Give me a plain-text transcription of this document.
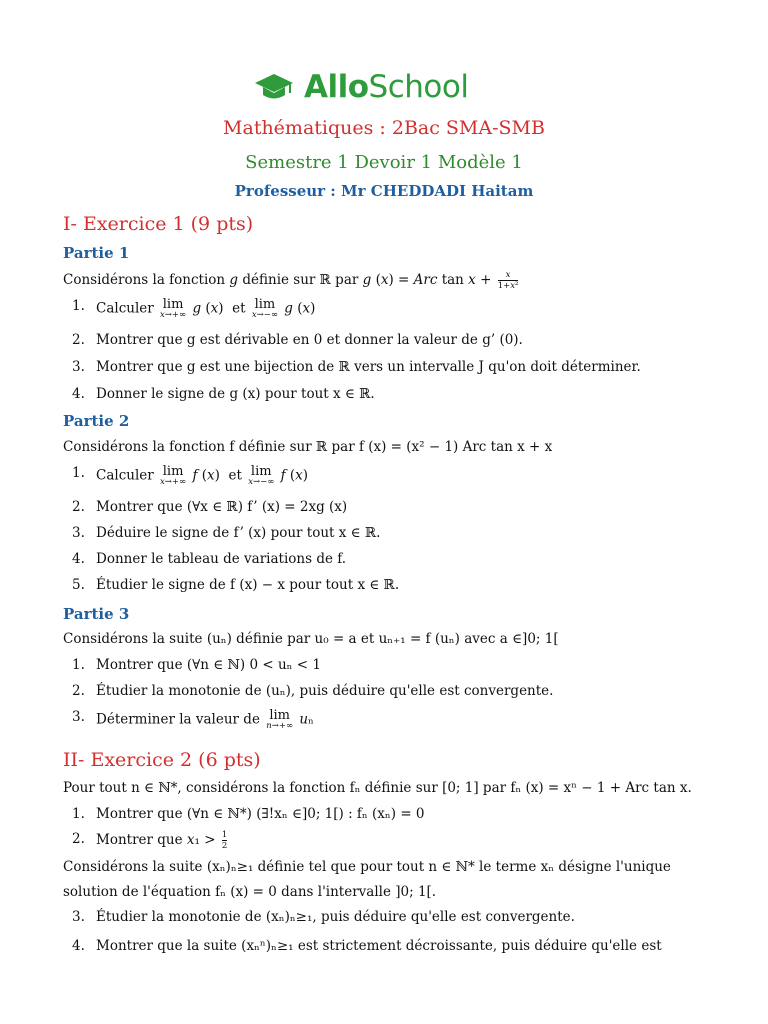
AlloSchool
Mathématiques : 2Bac SMA-SMB
Semestre 1 Devoir 1 Modèle 1
Professeur : Mr CHEDDADI Haitam
I- Exercice 1 (9 pts)
Partie 1
Considérons la fonction g définie sur ℝ par g (x) = Arc $\tan x + \frac{x}{\text{1+x²}}$
1. Calculer lim
x→+∞ g (x)  et lim
x→−∞ g (x)
2. Montrer que g est dérivable en 0 et donner la valeur de g’ (0).
3. Montrer que g est une bijection de ℝ vers un intervalle J qu'on doit déterminer.
4. Donner le signe de g (x) pour tout x ∈ ℝ.
Partie 2
Considérons la fonction f définie sur ℝ par f (x) = (x² − 1) Arc tan x + x
1. Calculer lim
x→+∞ f (x)  et lim
x→−∞ f (x)
2. Montrer que (∀x ∈ ℝ) f’ (x) = 2xg (x)
3. Déduire le signe de f’ (x) pour tout x ∈ ℝ.
4. Donner le tableau de variations de f.
5. Étudier le signe de f (x) − x pour tout x ∈ ℝ.
Partie 3
Considérons la suite (uₙ) définie par u₀ = a et uₙ₊₁ = f (uₙ) avec a ∈]0; 1[
1. Montrer que (∀n ∈ ℕ) 0 < uₙ < 1
2. Étudier la monotonie de (uₙ), puis déduire qu'elle est convergente.
3. Déterminer la valeur de lim
n→+∞ uₙ
II- Exercice 2 (6 pts)
Pour tout n ∈ ℕ*, considérons la fonction fₙ définie sur [0; 1] par fₙ (x) = xⁿ − 1 + Arc tan x.
1. Montrer que (∀n ∈ ℕ*) (∃!xₙ ∈]0; 1[) : fₙ (xₙ) = 0
2. Montrer que $x_1 > \frac{1}{2}$
Considérons la suite (xₙ)ₙ≥₁ définie tel que pour tout n ∈ ℕ* le terme xₙ désigne l'unique
solution de l'équation fₙ (x) = 0 dans l'intervalle ]0; 1[.
3. Étudier la monotonie de (xₙ)ₙ≥₁, puis déduire qu'elle est convergente.
4. Montrer que la suite (xₙⁿ)ₙ≥₁ est strictement décroissante, puis déduire qu'elle est
